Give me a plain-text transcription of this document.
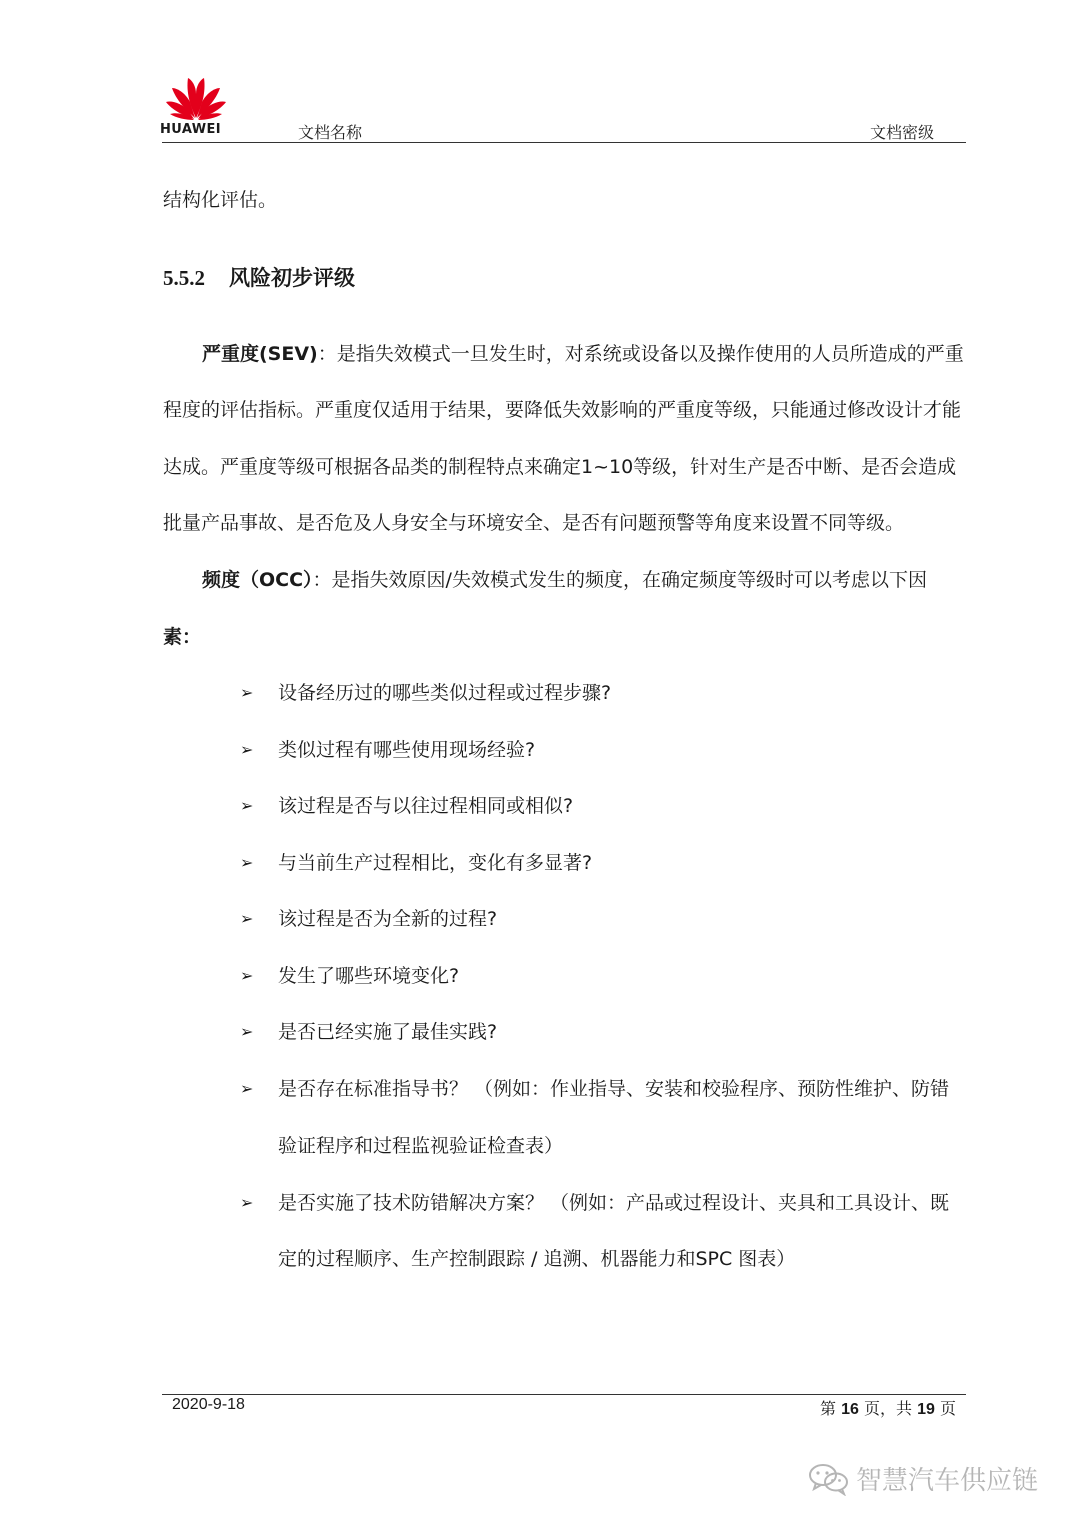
HUAWEI	文档名称	文档密级
结构化评估。
5.5.2 风险初步评级
严重度(SEV)：是指失效模式一旦发生时，对系统或设备以及操作使用的人员所造成的严重
程度的评估指标。严重度仅适用于结果，要降低失效影响的严重度等级，只能通过修改设计才能
达成。严重度等级可根据各品类的制程特点来确定1~10等级，针对生产是否中断、是否会造成
批量产品事故、是否危及人身安全与环境安全、是否有问题预警等角度来设置不同等级。
频度（OCC）：是指失效原因/失效模式发生的频度，在确定频度等级时可以考虑以下因
素：
➢ 设备经历过的哪些类似过程或过程步骤?
➢ 类似过程有哪些使用现场经验?
➢ 该过程是否与以往过程相同或相似?
➢ 与当前生产过程相比，变化有多显著?
➢ 该过程是否为全新的过程?
➢ 发生了哪些环境变化?
➢ 是否已经实施了最佳实践?
➢ 是否存在标准指导书？ （例如：作业指导、安装和校验程序、预防性维护、防错
验证程序和过程监视验证检查表）
➢ 是否实施了技术防错解决方案？ （例如：产品或过程设计、夹具和工具设计、既
定的过程顺序、生产控制跟踪 / 追溯、机器能力和SPC 图表）
2020-9-18	第 16 页，共 19 页
智慧汽车供应链
